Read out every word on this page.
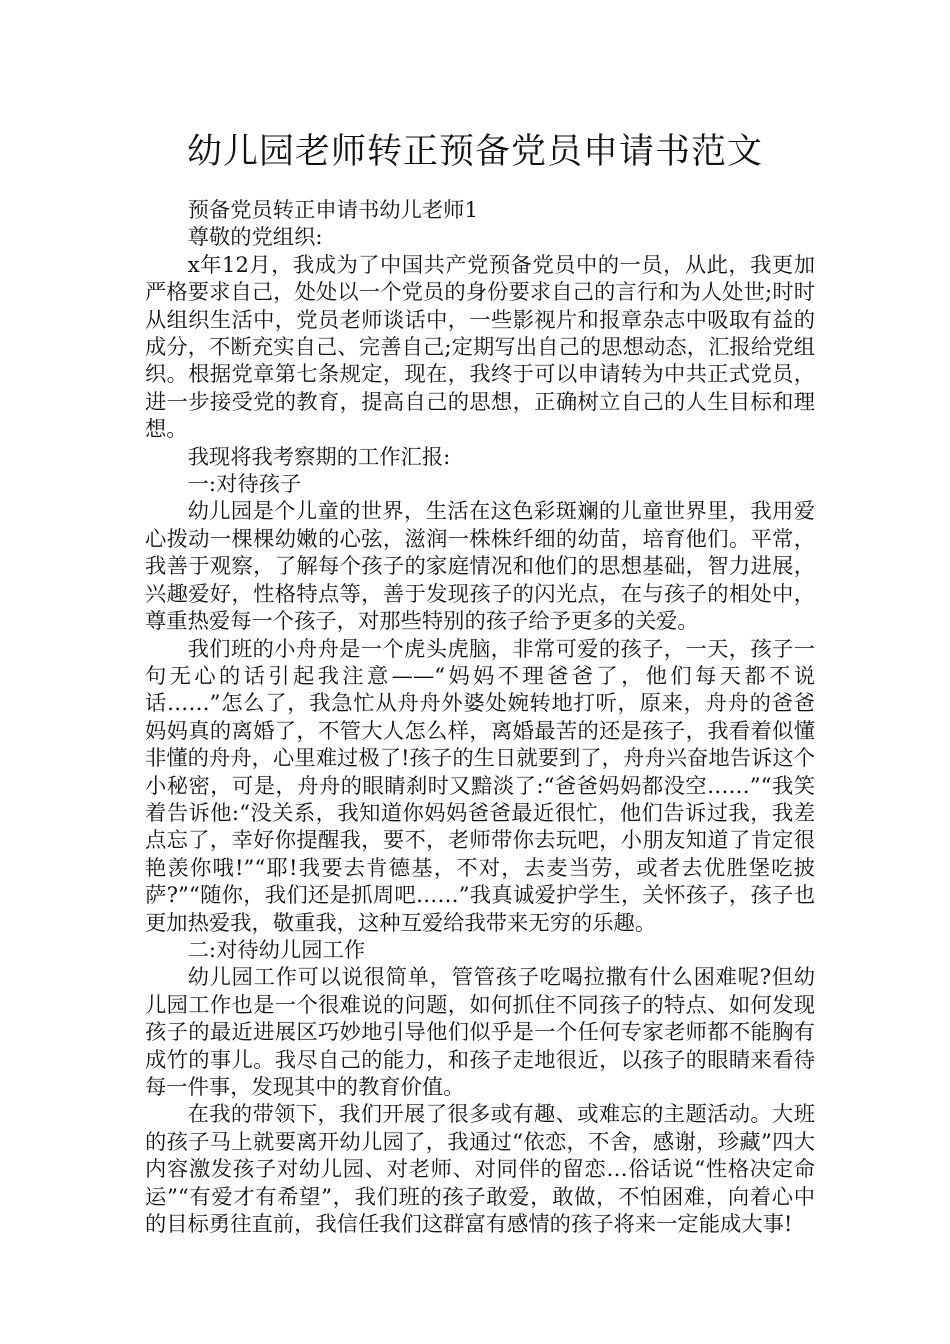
幼儿园老师转正预备党员申请书范文

预备党员转正申请书幼儿老师1

尊敬的党组织:

x年12月，我成为了中国共产党预备党员中的一员，从此，我更加严格要求自己，处处以一个党员的身份要求自己的言行和为人处世;时时从组织生活中，党员老师谈话中，一些影视片和报章杂志中吸取有益的成分，不断充实自己、完善自己;定期写出自己的思想动态，汇报给党组织。根据党章第七条规定，现在，我终于可以申请转为中共正式党员，进一步接受党的教育，提高自己的思想，正确树立自己的人生目标和理想。

我现将我考察期的工作汇报:

一:对待孩子

幼儿园是个儿童的世界，生活在这色彩斑斓的儿童世界里，我用爱心拨动一棵棵幼嫩的心弦，滋润一株株纤细的幼苗，培育他们。平常，我善于观察，了解每个孩子的家庭情况和他们的思想基础，智力进展，兴趣爱好，性格特点等，善于发现孩子的闪光点，在与孩子的相处中，尊重热爱每一个孩子，对那些特别的孩子给予更多的关爱。

我们班的小舟舟是一个虎头虎脑，非常可爱的孩子，一天，孩子一句无心的话引起我注意——“妈妈不理爸爸了，他们每天都不说话……”怎么了，我急忙从舟舟外婆处婉转地打听，原来，舟舟的爸爸妈妈真的离婚了，不管大人怎么样，离婚最苦的还是孩子，我看着似懂非懂的舟舟，心里难过极了!孩子的生日就要到了，舟舟兴奋地告诉这个小秘密，可是，舟舟的眼睛刹时又黯淡了:“爸爸妈妈都没空……”“我笑着告诉他:“没关系，我知道你妈妈爸爸最近很忙，他们告诉过我，我差点忘了，幸好你提醒我，要不，老师带你去玩吧，小朋友知道了肯定很艳羡你哦!”“耶!我要去肯德基，不对，去麦当劳，或者去优胜堡吃披萨?”“随你，我们还是抓周吧……”我真诚爱护学生，关怀孩子，孩子也更加热爱我，敬重我，这种互爱给我带来无穷的乐趣。

二:对待幼儿园工作

幼儿园工作可以说很简单，管管孩子吃喝拉撒有什么困难呢?但幼儿园工作也是一个很难说的问题，如何抓住不同孩子的特点、如何发现孩子的最近进展区巧妙地引导他们似乎是一个任何专家老师都不能胸有成竹的事儿。我尽自己的能力，和孩子走地很近，以孩子的眼睛来看待每一件事，发现其中的教育价值。

在我的带领下，我们开展了很多或有趣、或难忘的主题活动。大班的孩子马上就要离开幼儿园了，我通过“依恋，不舍，感谢，珍藏”四大内容激发孩子对幼儿园、对老师、对同伴的留恋…俗话说“性格决定命运”“有爱才有希望”，我们班的孩子敢爱，敢做，不怕困难，向着心中的目标勇往直前，我信任我们这群富有感情的孩子将来一定能成大事!
